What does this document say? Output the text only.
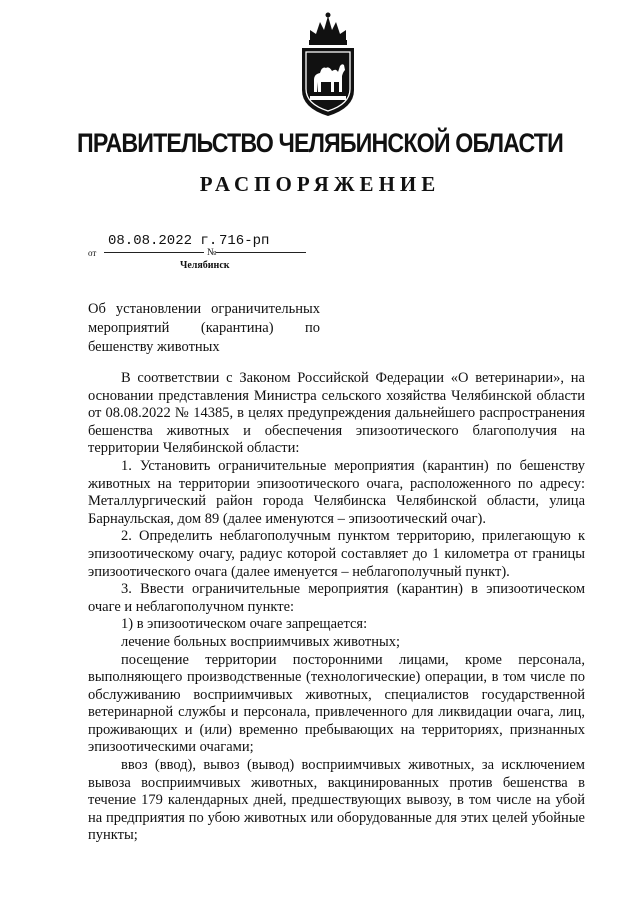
ПРАВИТЕЛЬСТВО ЧЕЛЯБИНСКОЙ ОБЛАСТИ
РАСПОРЯЖЕНИЕ
от
08.08.2022 г.
№
716-рп
Челябинск
Об установлении ограничительных
мероприятий (карантина) по
бешенству животных

В соответствии с Законом Российской Федерации «О ветеринарии», на основании представления Министра сельского хозяйства Челябинской области от 08.08.2022 № 14385, в целях предупреждения дальнейшего распространения бешенства животных и обеспечения эпизоотического благополучия на территории Челябинской области:

1. Установить ограничительные мероприятия (карантин) по бешенству животных на территории эпизоотического очага, расположенного по адресу: Металлургический район города Челябинска Челябинской области, улица Барнаульская, дом 89 (далее именуются – эпизоотический очаг).

2. Определить неблагополучным пунктом территорию, прилегающую к эпизоотическому очагу, радиус которой составляет до 1 километра от границы эпизоотического очага (далее именуется – неблагополучный пункт).

3. Ввести ограничительные мероприятия (карантин) в эпизоотическом очаге и неблагополучном пункте:

1) в эпизоотическом очаге запрещается:

лечение больных восприимчивых животных;

посещение территории посторонними лицами, кроме персонала, выполняющего производственные (технологические) операции, в том числе по обслуживанию восприимчивых животных, специалистов государственной ветеринарной службы и персонала, привлеченного для ликвидации очага, лиц, проживающих и (или) временно пребывающих на территориях, признанных эпизоотическими очагами;

ввоз (ввод), вывоз (вывод) восприимчивых животных, за исключением вывоза восприимчивых животных, вакцинированных против бешенства в течение 179 календарных дней, предшествующих вывозу, в том числе на убой на предприятия по убою животных или оборудованные для этих целей убойные пункты;
